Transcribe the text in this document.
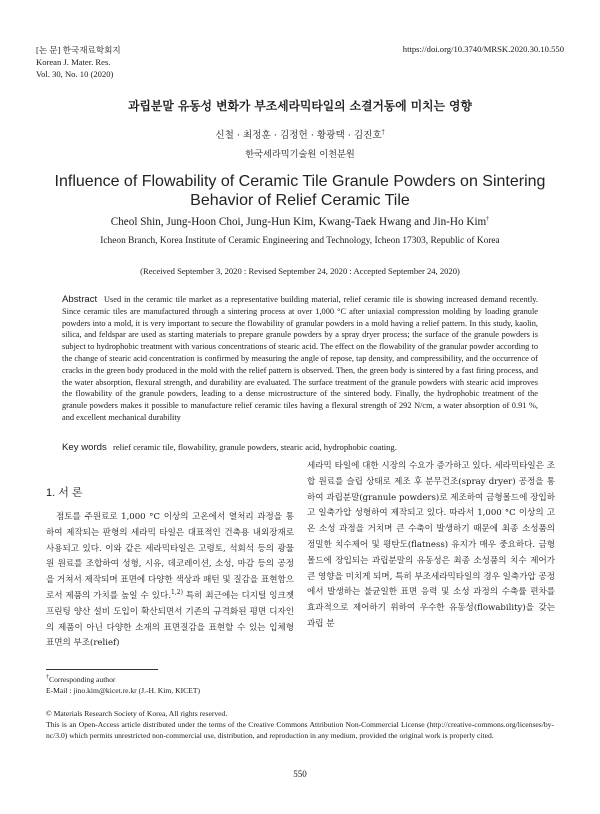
[논 문] 한국재료학회지
Korean J. Mater. Res.
Vol. 30, No. 10 (2020)
https://doi.org/10.3740/MRSK.2020.30.10.550
과립분말 유동성 변화가 부조세라믹타일의 소결거동에 미치는 영향
신철 · 최정훈 · 김정헌 · 황광택 · 김진호†
한국세라믹기술원 이천분원
Influence of Flowability of Ceramic Tile Granule Powders on Sintering Behavior of Relief Ceramic Tile
Cheol Shin, Jung-Hoon Choi, Jung-Hun Kim, Kwang-Taek Hwang and Jin-Ho Kim†
Icheon Branch, Korea Institute of Ceramic Engineering and Technology, Icheon 17303, Republic of Korea
(Received September 3, 2020 : Revised September 24, 2020 : Accepted September 24, 2020)
Abstract Used in the ceramic tile market as a representative building material, relief ceramic tile is showing increased demand recently. Since ceramic tiles are manufactured through a sintering process at over 1,000 °C after uniaxial compression molding by loading granule powders into a mold, it is very important to secure the flowability of granular powders in a mold having a relief pattern. In this study, kaolin, silica, and feldspar are used as starting materials to prepare granule powders by a spray dryer process; the surface of the granule powders is subject to hydrophobic treatment with various concentrations of stearic acid. The effect on the flowability of the granular powder according to the change of stearic acid concentration is confirmed by measuring the angle of repose, tap density, and compressibility, and the occurrence of cracks in the green body produced in the mold with the relief pattern is observed. Then, the green body is sintered by a fast firing process, and the water absorption, flexural strength, and durability are evaluated. The surface treatment of the granule powders with stearic acid improves the flowability of the granule powders, leading to a dense microstructure of the sintered body. Finally, the hydrophobic treatment of the granule powders makes it possible to manufacture relief ceramic tiles having a flexural strength of 292 N/cm, a water absorption of 0.91 %, and excellent mechanical durability
Key words relief ceramic tile, flowability, granule powders, stearic acid, hydrophobic coating.
1. 서 론
점토를 주원료로 1,000 °C 이상의 고온에서 열처리 과정을 통하여 제작되는 판형의 세라믹 타일은 대표적인 건축용 내외장재로 사용되고 있다. 이와 같은 세라믹타일은 고령토, 석회석 등의 광물원 원료를 조합하여 성형, 시유, 데코레이션, 소성, 마감 등의 공정을 거쳐서 제작되며 표면에 다양한 색상과 패턴 및 질감을 표현함으로서 제품의 가치를 높일 수 있다.$^{1,2)}$ 특히 최근에는 디지털 잉크젯 프린팅 양산 설비 도입이 확산되면서 기존의 규격화된 평면 디자인의 제품이 아닌 다양한 소재의 표면질감을 표현할 수 있는 입체형 표면의 부조(relief)
세라믹 타일에 대한 시장의 수요가 증가하고 있다. 세라믹타일은 조합 원료를 슬립 상태로 제조 후 분무건조(spray dryer) 공정을 통하여 과립분말(granule powders)로 제조하여 금형몰드에 장입하고 일축가압 성형하여 제작되고 있다. 따라서 1,000 °C 이상의 고온 소성 과정을 거치며 큰 수축이 발생하기 때문에 최종 소성품의 정밀한 치수제어 및 평탄도(flatness) 유지가 매우 중요하다. 금형몰드에 장입되는 과립분말의 유동성은 최종 소성품의 치수 제어가 큰 영향을 미치게 되며, 특히 부조세라믹타일의 경우 일축가압 공정에서 발생하는 불균일한 표면 응력 및 소성 과정의 수축률 편차를 효과적으로 제어하기 위하여 우수한 유동성(flowability)을 갖는 과립 분
†Corresponding author
E-Mail : jino.kim@kicet.re.kr (J.-H. Kim, KICET)
© Materials Research Society of Korea, All rights reserved.
This is an Open-Access article distributed under the terms of the Creative Commons Attribution Non-Commercial License (http://creative-commons.org/licenses/by-nc/3.0) which permits unrestricted non-commercial use, distribution, and reproduction in any medium, provided the original work is properly cited.
550
